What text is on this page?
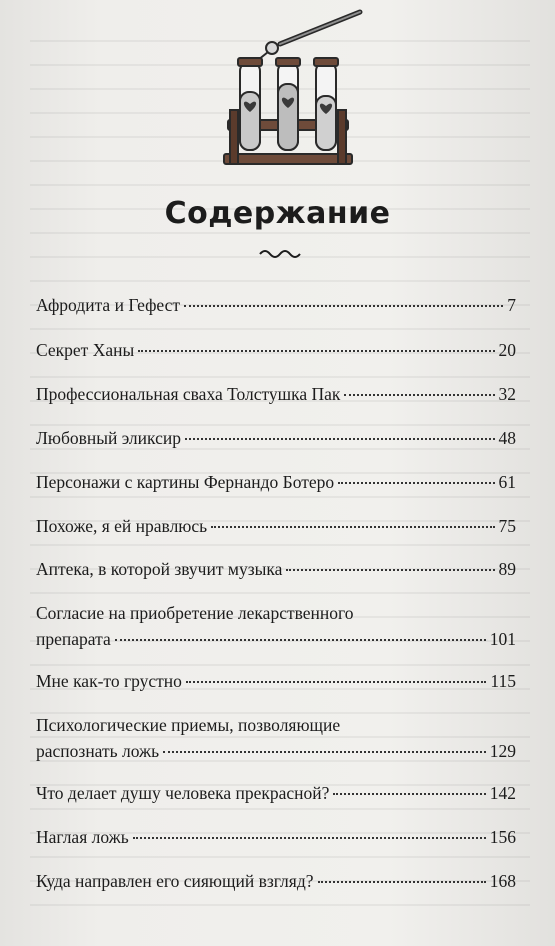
Содержание
Афродита и Гефест	7
Секрет Ханы	20
Профессиональная сваха Толстушка Пак	32
Любовный эликсир	48
Персонажи с картины Фернандо Ботеро	61
Похоже, я ей нравлюсь	75
Аптека, в которой звучит музыка	89
Согласие на приобретение лекарственного
препарата	101
Мне как-то грустно	115
Психологические приемы, позволяющие
распознать ложь	129
Что делает душу человека прекрасной?	142
Наглая ложь	156
Куда направлен его сияющий взгляд?	168
